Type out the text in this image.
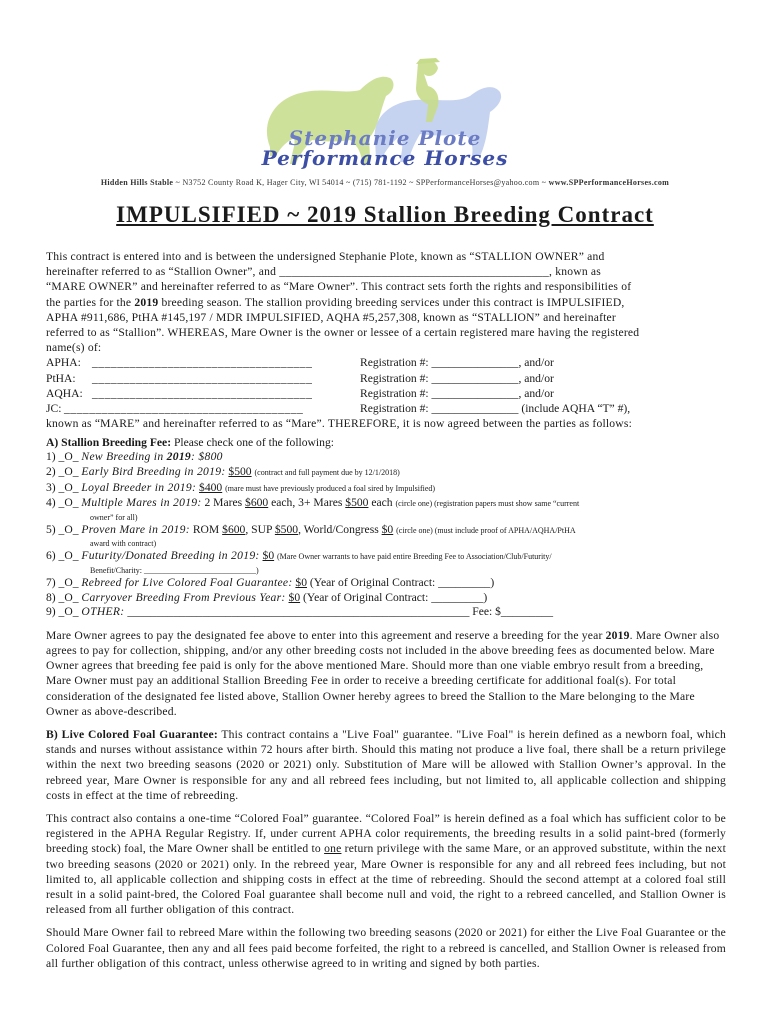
Stephanie Plote
Performance Horses
Hidden Hills Stable ~ N3752 County Road K, Hager City, WI 54014 ~ (715) 781-1192 ~ SPPerformanceHorses@yahoo.com ~ www.SPPerformanceHorses.com
IMPULSIFIED ~ 2019 Stallion Breeding Contract

This contract is entered into and is between the undersigned Stephanie Plote, known as “STALLION OWNER” and

hereinafter referred to as “Stallion Owner”, and _____________________________________________, known as

“MARE OWNER” and hereinafter referred to as “Mare Owner”. This contract sets forth the rights and responsibilities of

the parties for the 2019 breeding season. The stallion providing breeding services under this contract is IMPULSIFIED,

APHA #911,686, PtHA #145,197 / MDR IMPULSIFIED, AQHA #5,257,308, known as “STALLION” and hereinafter

referred to as “Stallion”. WHEREAS, Mare Owner is the owner or lessee of a certain registered mare having the registered

name(s) of:

APHA: ___________________________________	Registration #: _______________, and/or
PtHA:	___________________________________	Registration #: _______________, and/or
AQHA: ___________________________________	Registration #: _______________, and/or
JC: ______________________________________	Registration #: _______________ (include AQHA “T” #),

known as “MARE” and hereinafter referred to as “Mare”. THEREFORE, it is now agreed between the parties as follows:

A) Stallion Breeding Fee: Please check one of the following:

1) _O_ New Breeding in 2019: $800

2) _O_ Early Bird Breeding in 2019: $500 (contract and full payment due by 12/1/2018)

3) _O_ Loyal Breeder in 2019: $400 (mare must have previously produced a foal sired by Impulsified)

4) _O_ Multiple Mares in 2019: 2 Mares $600 each, 3+ Mares $500 each (circle one) (registration papers must show same “current

owner” for all)

5) _O_ Proven Mare in 2019: ROM $600, SUP $500, World/Congress $0 (circle one) (must include proof of APHA/AQHA/PtHA

award with contract)

6) _O_ Futurity/Donated Breeding in 2019: $0 (Mare Owner warrants to have paid entire Breeding Fee to Association/Club/Futurity/

Benefit/Charity: ____________________________)

7) _O_ Rebreed for Live Colored Foal Guarantee: $0 (Year of Original Contract: _________)

8) _O_ Carryover Breeding From Previous Year: $0 (Year of Original Contract: _________)

9) _O_ OTHER: ___________________________________________________________ Fee: $_________

Mare Owner agrees to pay the designated fee above to enter into this agreement and reserve a breeding for the year 2019. Mare Owner also agrees to pay for collection, shipping, and/or any other breeding costs not included in the above breeding fees as documented below. Mare Owner agrees that breeding fee paid is only for the above mentioned Mare. Should more than one viable embryo result from a breeding, Mare Owner must pay an additional Stallion Breeding Fee in order to receive a breeding certificate for additional foal(s). For total consideration of the designated fee listed above, Stallion Owner hereby agrees to breed the Stallion to the Mare belonging to the Mare Owner as above-described.

B) Live Colored Foal Guarantee: This contract contains a "Live Foal" guarantee. "Live Foal" is herein defined as a newborn foal, which stands and nurses without assistance within 72 hours after birth. Should this mating not produce a live foal, there shall be a return privilege within the next two breeding seasons (2020 or 2021) only. Substitution of Mare will be allowed with Stallion Owner’s approval. In the rebreed year, Mare Owner is responsible for any and all rebreed fees including, but not limited to, all applicable collection and shipping costs in effect at the time of rebreeding.

This contract also contains a one-time “Colored Foal” guarantee. “Colored Foal” is herein defined as a foal which has sufficient color to be registered in the APHA Regular Registry. If, under current APHA color requirements, the breeding results in a solid paint-bred (formerly breeding stock) foal, the Mare Owner shall be entitled to one return privilege with the same Mare, or an approved substitute, within the next two breeding seasons (2020 or 2021) only. In the rebreed year, Mare Owner is responsible for any and all rebreed fees including, but not limited to, all applicable collection and shipping costs in effect at the time of rebreeding. Should the second attempt at a colored foal still result in a solid paint-bred, the Colored Foal guarantee shall become null and void, the right to a rebreed cancelled, and Stallion Owner is released from all further obligation of this contract.

Should Mare Owner fail to rebreed Mare within the following two breeding seasons (2020 or 2021) for either the Live Foal Guarantee or the Colored Foal Guarantee, then any and all fees paid become forfeited, the right to a rebreed is cancelled, and Stallion Owner is released from all further obligation of this contract, unless otherwise agreed to in writing and signed by both parties.
